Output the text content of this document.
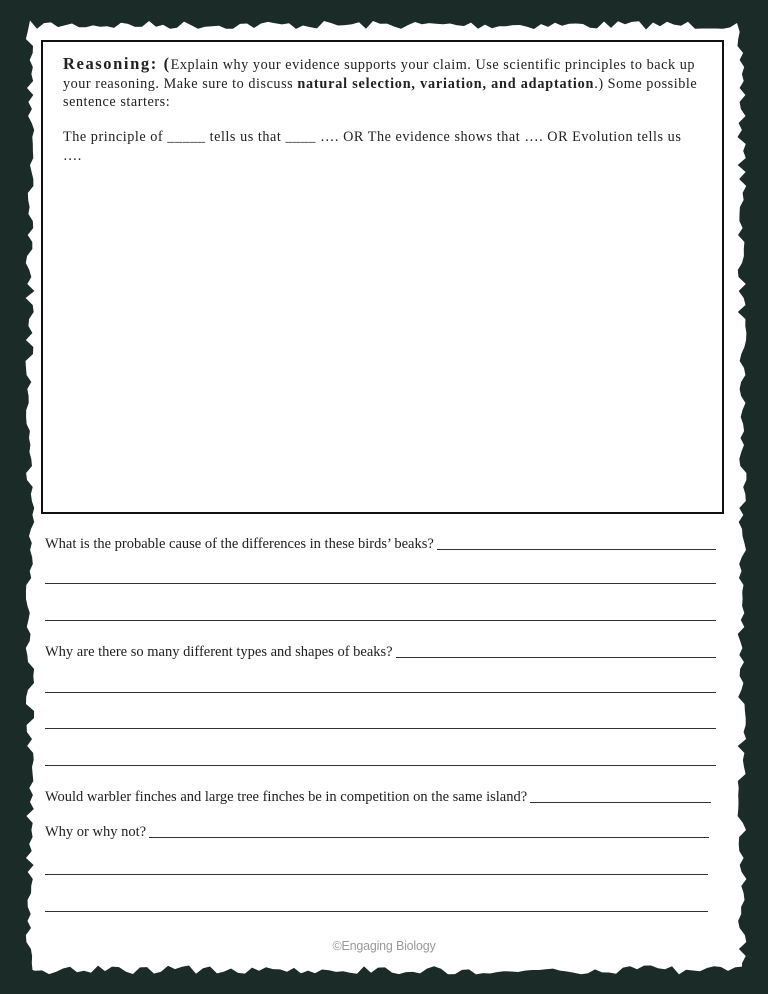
Reasoning: (Explain why your evidence supports your claim. Use scientific principles to back up your reasoning. Make sure to discuss natural selection, variation, and adaptation.) Some possible sentence starters:
The principle of _____ tells us that ____ …. OR The evidence shows that …. OR Evolution tells us ….
What is the probable cause of the differences in these birds’ beaks?
Why are there so many different types and shapes of beaks?
Would warbler finches and large tree finches be in competition on the same island?
Why or why not?
©Engaging Biology
